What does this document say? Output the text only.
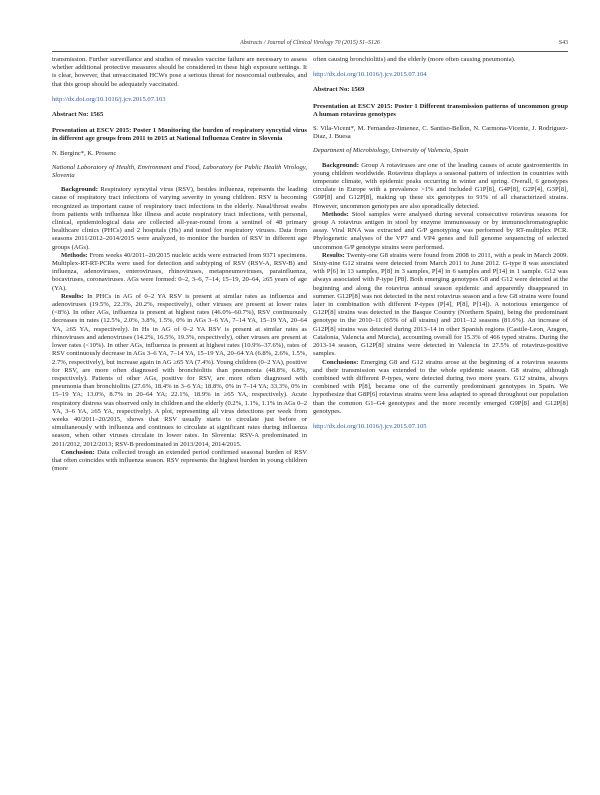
Abstracts / Journal of Clinical Virology 70 (2015) S1–S126	S43

transmission. Further surveillance and studies of measles vaccine failure are necessary to assess whether additional protective measures should be considered in these high exposure settings. It is clear, however, that unvaccinated HCWs pose a serious threat for nosocomial outbreaks, and that this group should be adequately vaccinated.

http://dx.doi.org/10.1016/j.jcv.2015.07.103
Abstract No: 1565
Presentation at ESCV 2015: Poster 1 Monitoring the burden of respiratory syncytial virus in different age groups from 2011 to 2015 at National Influenza Centre in Slovenia
N. Berginc*, K. Prosenc
National Laboratory of Health, Environment and Food, Laboratory for Public Health Virology, Slovenia

Background: Respiratory syncytial virus (RSV), besides influenza, represents the leading cause of respiratory tract infections of varying severity in young children. RSV is becoming recognized as important cause of respiratory tract infections in the elderly. Nasal/throat swabs from patients with influenza like illness and acute respiratory tract infections, with personal, clinical, epidemiological data are collected all-year-round from a sentinel of 48 primary healthcare clinics (PHCs) and 2 hospitals (Hs) and tested for respiratory viruses. Data from seasons 2011/2012–2014/2015 were analyzed, to monitor the burden of RSV in different age groups (AGs).

Methods: From weeks 40/2011–20/2015 nucleic acids were extracted from 9371 specimens. Multiplex-RT-RT-PCRs were used for detection and subtyping of RSV (RSV-A, RSV-B) and influenza, adenoviruses, enteroviruses, rhinoviruses, metapneumoviruses, parainfluenza, bocaviruses, coronaviruses. AGs were formed: 0–2, 3–6, 7–14, 15–19, 20–64, ≥65 years of age (YA).

Results: In PHCs in AG of 0–2 YA RSV is present at similar rates as influenza and adenoviruses (19.5%, 22.3%, 20.2%, respectively), other viruses are present at lower rates (<8%). In other AGs, influenza is present at highest rates (46.0%–60.7%), RSV continuously decreases in rates (12.5%, 2.0%, 3.8%, 1.5%, 0% in AGs 3–6 YA, 7–14 YA, 15–19 YA, 20–64 YA, ≥65 YA, respectively). In Hs in AG of 0–2 YA RSV is present at similar rates as rhinoviruses and adenoviruses (14.2%, 16.5%, 19.3%, respectively), other viruses are present at lower rates (<10%). In other AGs, influenza is present at highest rates (10.9%–37.6%), rates of RSV continuously decrease in AGs 3–6 YA, 7–14 YA, 15–19 YA, 20–64 YA (6.8%, 2.6%, 1.5%, 2.7%, respectively), but increase again in AG ≥65 YA (7.4%). Young children (0–2 YA), positive for RSV, are more often diagnosed with bronchiolitis than pneumonia (48.8%, 6.8%, respectively). Patients of other AGs, positive for RSV, are more often diagnosed with pneumonia than bronchiolitis (27.6%, 18.4% in 3–6 YA; 18.8%, 0% in 7–14 YA; 33.3%, 0% in 15–19 YA; 13.0%, 8.7% in 20–64 YA; 22.1%, 18.9% in ≥65 YA, respectively). Acute respiratory distress was observed only in children and the elderly (0.2%, 1.1%, 1.1% in AGs 0–2 YA, 3–6 YA, ≥65 YA, respectively). A plot, representing all virus detections per week from weeks 40/2011–20/2015, shows that RSV usually starts to circulate just before or simultaneously with influenza and continues to circulate at significant rates during influenza season, when other viruses circulate in lower rates. In Slovenia: RSV-A predominated in 2011/2012, 2012/2013; RSV-B predominated in 2013/2014, 2014/2015.

Conclusion: Data collected trough an extended period confirmed seasonal burden of RSV that often coincides with influenza season. RSV represents the highest burden in young children (more

often causing bronchiolitis) and the elderly (more often causing pneumonia).

http://dx.doi.org/10.1016/j.jcv.2015.07.104
Abstract No: 1569
Presentation at ESCV 2015: Poster 1 Different transmission patterns of uncommon group A human rotavirus genotypes
S. Vila-Vicent*, M. Fernandez-Jimenez, C. Santiso-Bellon, N. Carmona-Vicente, J. Rodriguez-Diaz, J. Buesa
Department of Microbiology, University of Valencia, Spain

Background: Group A rotaviruses are one of the leading causes of acute gastroenteritis in young children worldwide. Rotavirus displays a seasonal pattern of infection in countries with temperate climate, with epidemic peaks occurring in winter and spring. Overall, 6 genotypes circulate in Europe with a prevalence >1% and included G1P[8], G4P[8], G2P[4], G3P[8], G9P[8] and G12P[8], making up these six genotypes to 91% of all characterized strains. However, uncommon genotypes are also sporadically detected.

Methods: Stool samples were analysed during several consecutive rotavirus seasons for group A rotavirus antigen in stool by enzyme immunoassay or by immunochromatographic assay. Viral RNA was extracted and G/P genotyping was performed by RT-multiplex PCR. Phylogenetic analyses of the VP7 and VP4 genes and full genome sequencing of selected uncommon G/P genotype strains were performed.

Results: Twenty-one G8 strains were found from 2008 to 2011, with a peak in March 2009. Sixty-nine G12 strains were detected from March 2011 to June 2012. G-type 8 was associated with P[6] in 13 samples, P[8] in 3 samples, P[4] in 6 samples and P[14] in 1 sample. G12 was always associated with P-type [P8]. Both emerging genotypes G8 and G12 were detected at the beginning and along the rotavirus annual season epidemic and apparently disappeared in summer. G12P[8] was not detected in the next rotavirus season and a few G8 strains were found later in combination with different P-types (P[4], P[8], P[14]). A notorious emergence of G12P[8] strains was detected in the Basque Country (Northern Spain), being the predominant genotype in the 2010–11 (65% of all strains) and 2011–12 seasons (81.6%). An increase of G12P[8] strains was detected during 2013–14 in other Spanish regions (Castile-Leon, Aragon, Catalonia, Valencia and Murcia), accounting overall for 15.3% of 466 typed strains. During the 2013-14 season, G12P[8] strains were detected in Valencia in 27.5% of rotavirus-positive samples.

Conclusions: Emerging G8 and G12 strains arose at the beginning of a rotavirus seasons and their transmission was extended to the whole epidemic season. G8 strains, although combined with different P-types, were detected during two more years. G12 strains, always combined with P[8], became one of the currently predominant genotypes in Spain. We hypothesize that G8P[6] rotavirus strains were less adapted to spread throughout our population than the common G1–G4 genotypes and the more recently emerged G9P[8] and G12P[8] genotypes.

http://dx.doi.org/10.1016/j.jcv.2015.07.105
